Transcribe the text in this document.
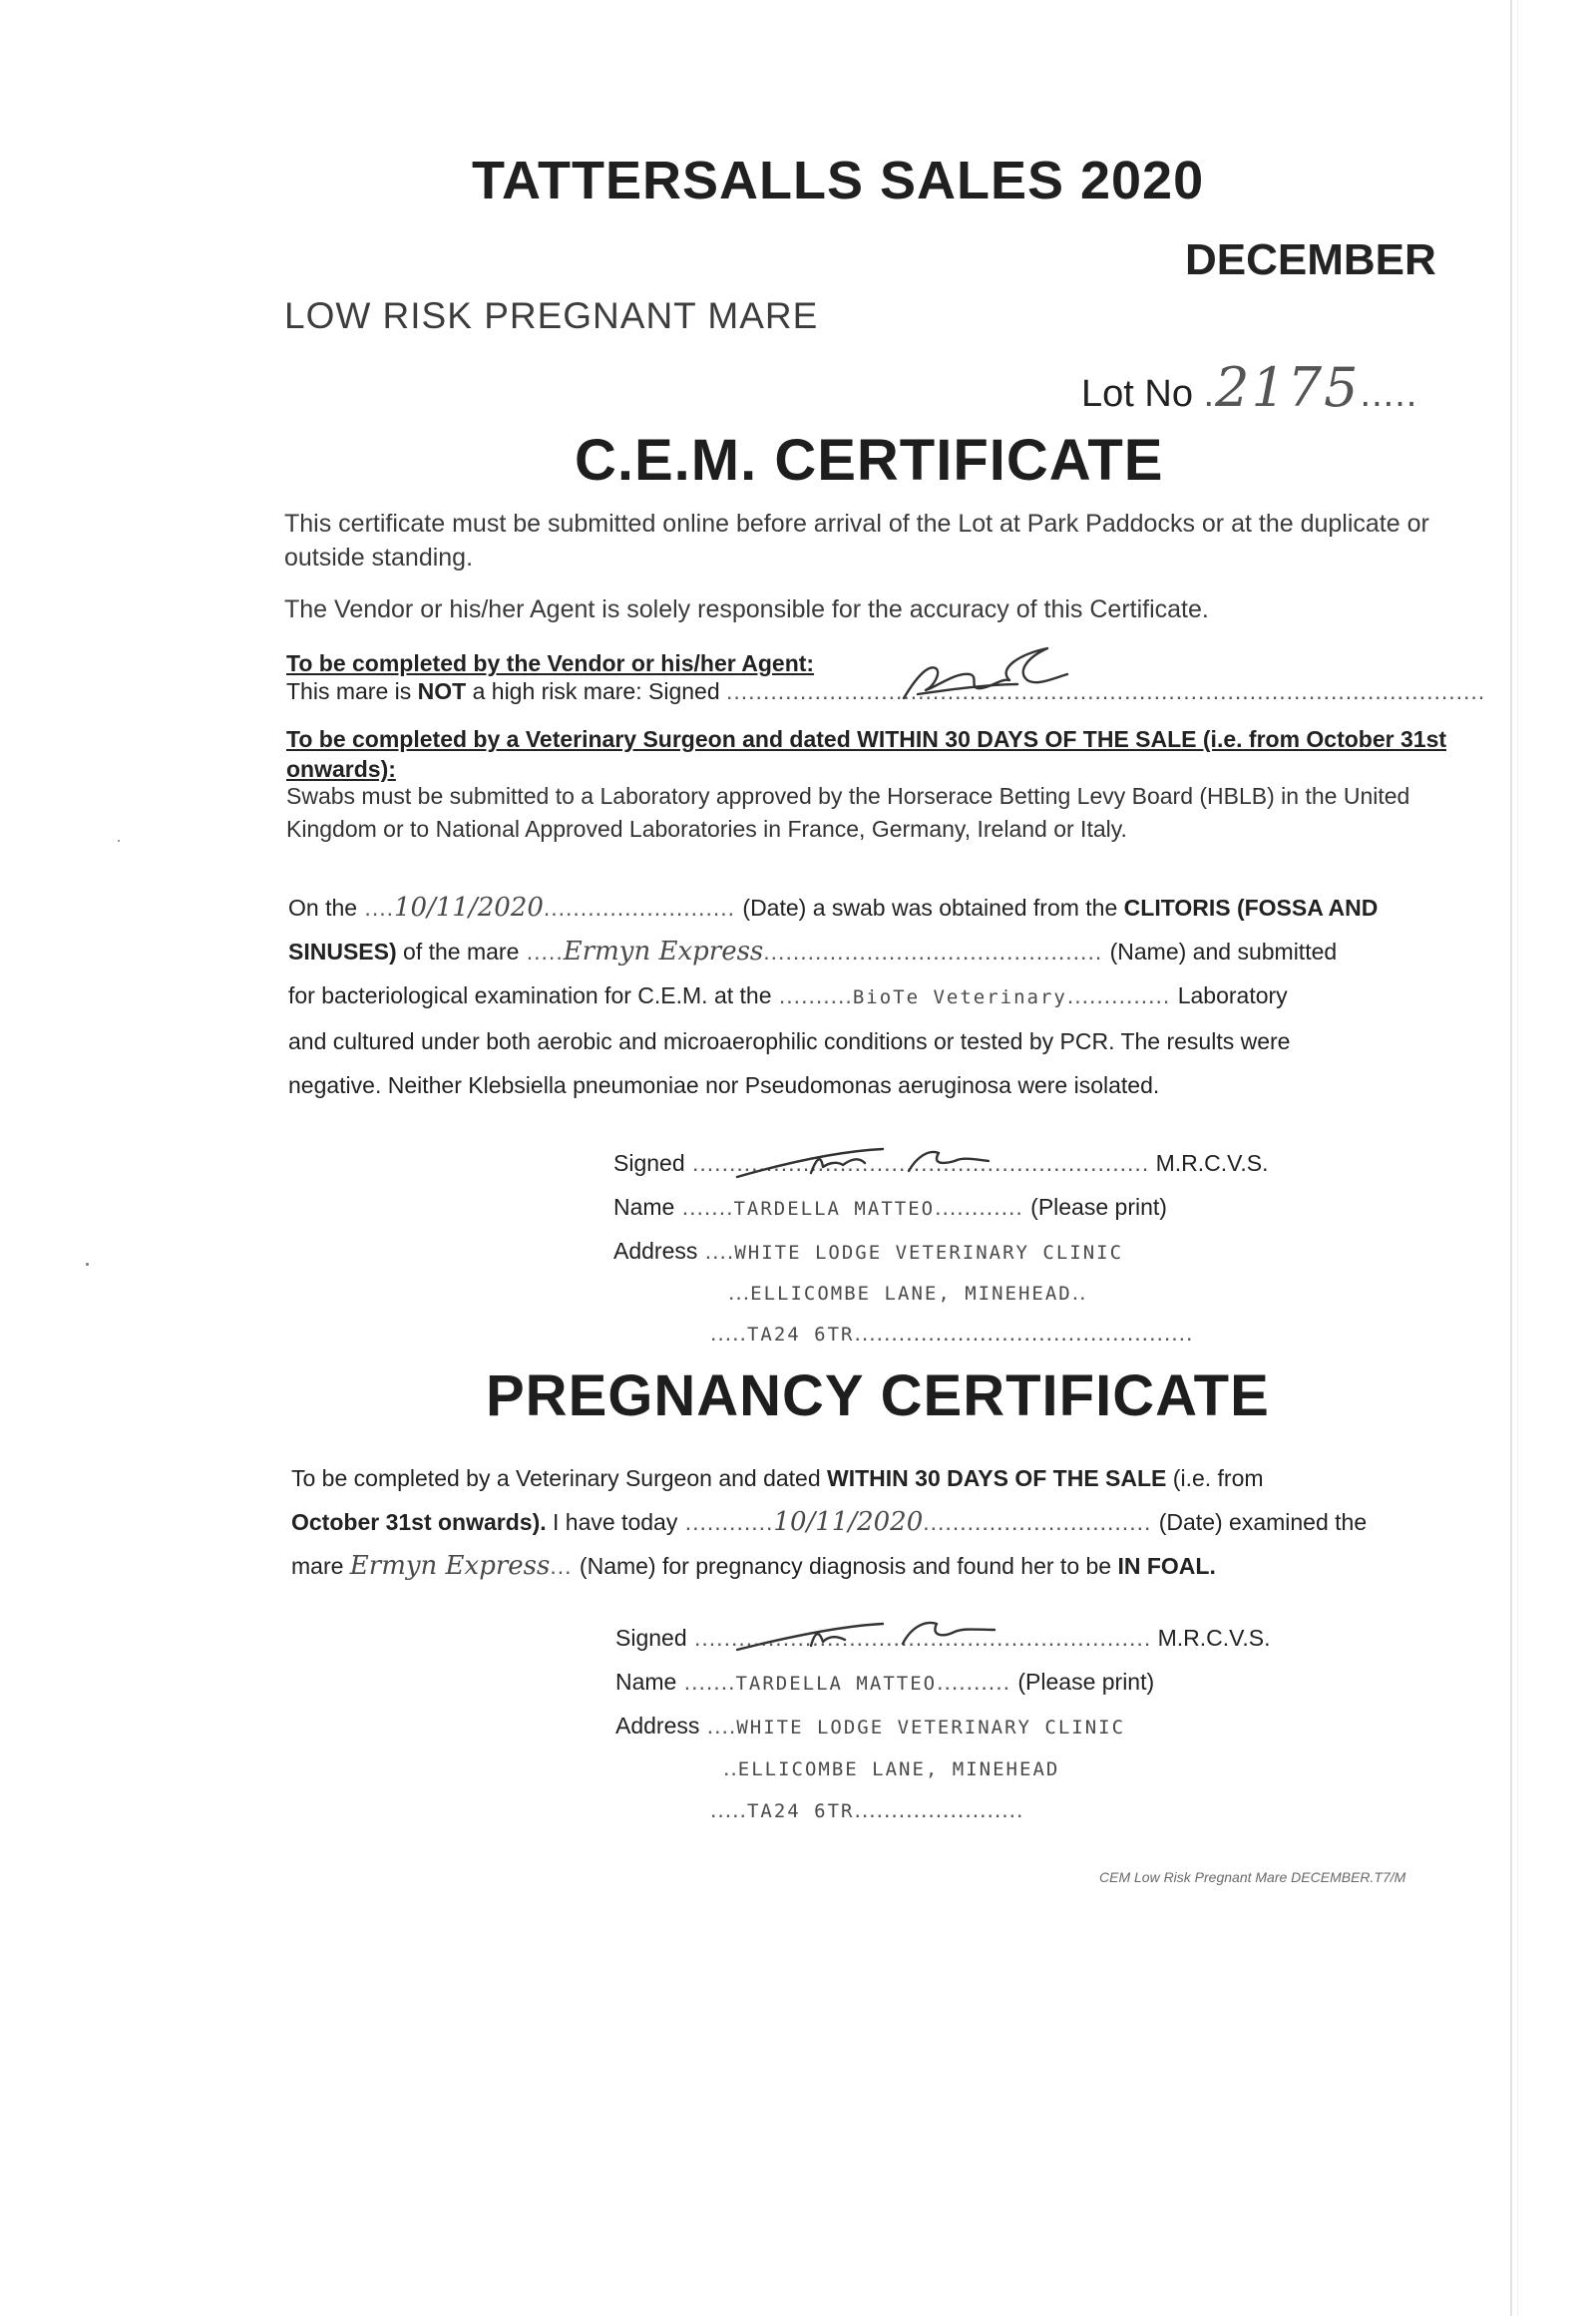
TATTERSALLS SALES 2020
DECEMBER
LOW RISK PREGNANT MARE
Lot No .2175.....
C.E.M. CERTIFICATE
This certificate must be submitted online before arrival of the Lot at Park Paddocks or at the duplicate or outside standing.
The Vendor or his/her Agent is solely responsible for the accuracy of this Certificate.
To be completed by the Vendor or his/her Agent:
This mare is NOT a high risk mare: Signed .......................................................................................................
To be completed by a Veterinary Surgeon and dated WITHIN 30 DAYS OF THE SALE (i.e. from October 31st onwards):
Swabs must be submitted to a Laboratory approved by the Horserace Betting Levy Board (HBLB) in the United Kingdom or to National Approved Laboratories in France, Germany, Ireland or Italy.
On the ....10/11/2020.......................... (Date) a swab was obtained from the CLITORIS (FOSSA AND
SINUSES) of the mare .....Ermyn Express.............................................. (Name) and submitted
for bacteriological examination for C.E.M. at the ..........BioTe Veterinary.............. Laboratory
and cultured under both aerobic and microaerophilic conditions or tested by PCR. The results were
negative. Neither Klebsiella pneumoniae nor Pseudomonas aeruginosa were isolated.
Signed .............................................................. M.R.C.V.S.
Name .......TARDELLA MATTEO............ (Please print)
Address ....WHITE LODGE VETERINARY CLINIC
...ELLICOMBE LANE, MINEHEAD..
.....TA24 6TR..............................................
PREGNANCY CERTIFICATE
To be completed by a Veterinary Surgeon and dated WITHIN 30 DAYS OF THE SALE (i.e. from
October 31st onwards). I have today ............10/11/2020............................... (Date) examined the
mare Ermyn Express... (Name) for pregnancy diagnosis and found her to be IN FOAL.
Signed .............................................................. M.R.C.V.S.
Name .......TARDELLA MATTEO.......... (Please print)
Address ....WHITE LODGE VETERINARY CLINIC
..ELLICOMBE LANE, MINEHEAD
.....TA24 6TR.......................
CEM Low Risk Pregnant Mare DECEMBER.T7/M
